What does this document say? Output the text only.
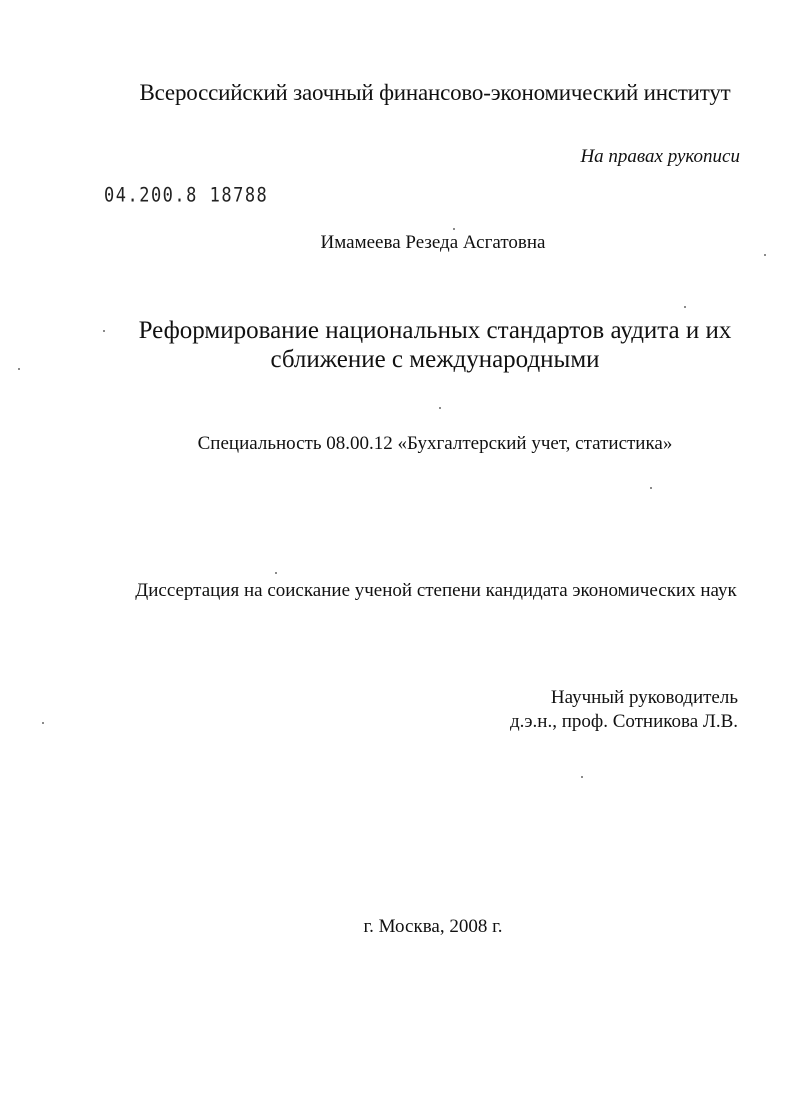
Всероссийский заочный финансово-экономический институт
На правах рукописи
04.200.8 18788
Имамеева Резеда Асгатовна
Реформирование национальных стандартов аудита и их
сближение с международными
Специальность 08.00.12 «Бухгалтерский учет, статистика»
Диссертация на соискание ученой степени кандидата экономических наук
Научный руководитель
д.э.н., проф. Сотникова Л.В.
г. Москва, 2008 г.
